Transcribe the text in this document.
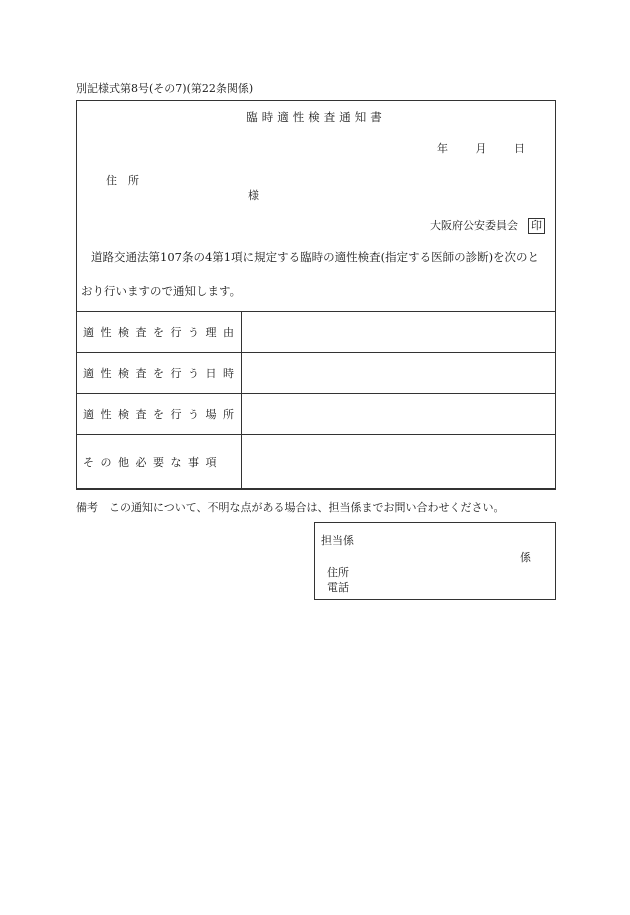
別記様式第8号(その7)(第22条関係)
臨時適性検査通知書
年	月	日
住　所
様
大阪府公安委員会 印
道路交通法第107条の4第1項に規定する臨時の適性検査(指定する医師の診断)を次のと
おり行いますので通知します。
適性検査を行う理由	
適性検査を行う日時	
適性検査を行う場所	
その他必要な事項	
備考　この通知について、不明な点がある場合は、担当係までお問い合わせください。
担当係
係
住所
電話
